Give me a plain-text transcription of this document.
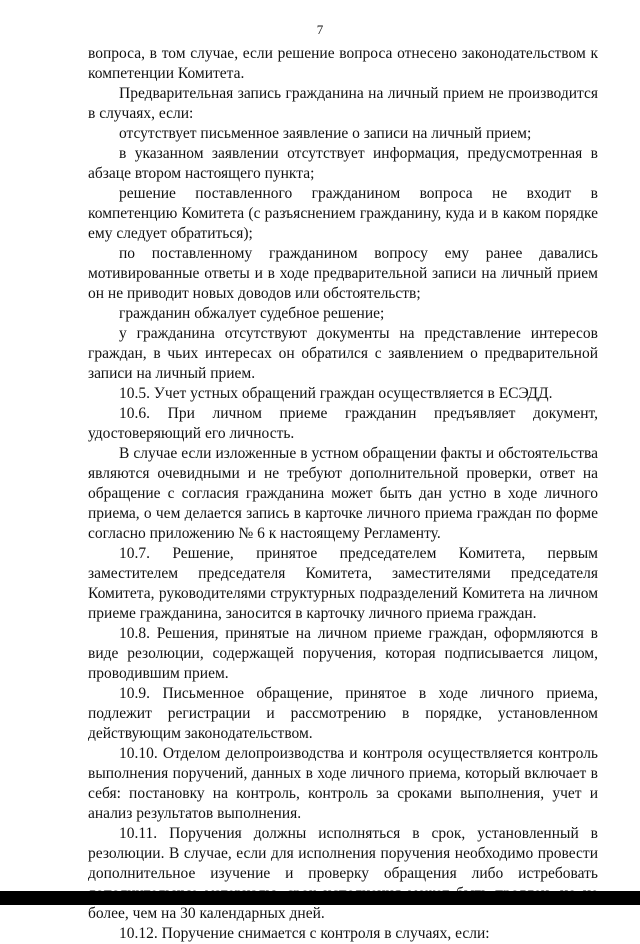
7

вопроса, в том случае, если решение вопроса отнесено законодательством к компетенции Комитета.

Предварительная запись гражданина на личный прием не производится в случаях, если:

отсутствует письменное заявление о записи на личный прием;

в указанном заявлении отсутствует информация, предусмотренная в абзаце втором настоящего пункта;

решение поставленного гражданином вопроса не входит в компетенцию Комитета (с разъяснением гражданину, куда и в каком порядке ему следует обратиться);

по поставленному гражданином вопросу ему ранее давались мотивированные ответы и в ходе предварительной записи на личный прием он не приводит новых доводов или обстоятельств;

гражданин обжалует судебное решение;

у гражданина отсутствуют документы на представление интересов граждан, в чьих интересах он обратился с заявлением о предварительной записи на личный прием.

10.5. Учет устных обращений граждан осуществляется в ЕСЭДД.

10.6. При личном приеме гражданин предъявляет документ, удостоверяющий его личность.

В случае если изложенные в устном обращении факты и обстоятельства являются очевидными и не требуют дополнительной проверки, ответ на обращение с согласия гражданина может быть дан устно в ходе личного приема, о чем делается запись в карточке личного приема граждан по форме согласно приложению № 6 к настоящему Регламенту.

10.7. Решение, принятое председателем Комитета, первым заместителем председателя Комитета, заместителями председателя Комитета, руководителями структурных подразделений Комитета на личном приеме гражданина, заносится в карточку личного приема граждан.

10.8. Решения, принятые на личном приеме граждан, оформляются в виде резолюции, содержащей поручения, которая подписывается лицом, проводившим прием.

10.9. Письменное обращение, принятое в ходе личного приема, подлежит регистрации и рассмотрению в порядке, установленном действующим законодательством.

10.10. Отделом делопроизводства и контроля осуществляется контроль выполнения поручений, данных в ходе личного приема, который включает в себя: постановку на контроль, контроль за сроками выполнения, учет и анализ результатов выполнения.

10.11. Поручения должны исполняться в срок, установленный в резолюции. В случае, если для исполнения поручения необходимо провести дополнительное изучение и проверку обращения либо истребовать более, чем на 30 календарных дней.

10.12. Поручение снимается с контроля в случаях, если:
